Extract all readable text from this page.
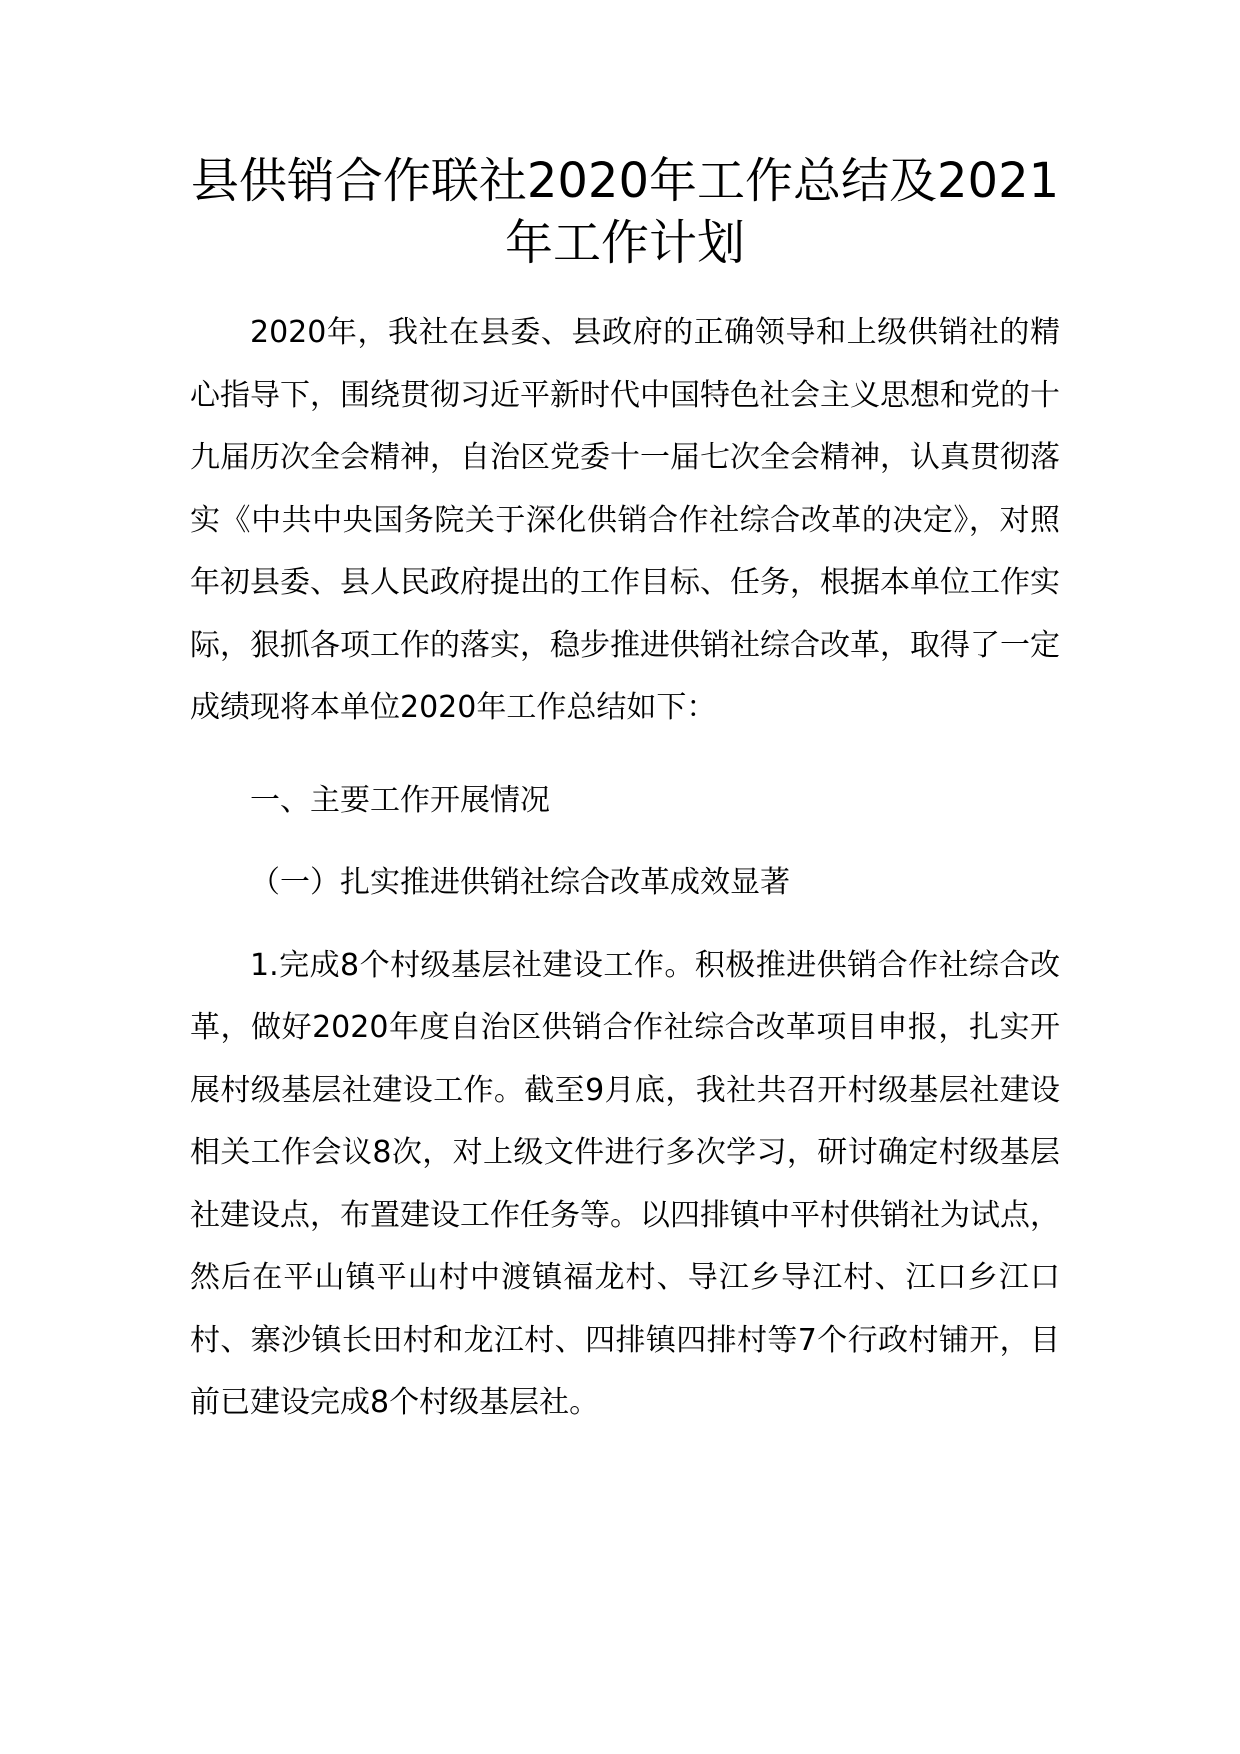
县供销合作联社2020年工作总结及2021年工作计划

2020年，我社在县委、县政府的正确领导和上级供销社的精心指导下，围绕贯彻习近平新时代中国特色社会主义思想和党的十九届历次全会精神，自治区党委十一届七次全会精神，认真贯彻落实《中共中央国务院关于深化供销合作社综合改革的决定》，对照年初县委、县人民政府提出的工作目标、任务，根据本单位工作实际，狠抓各项工作的落实，稳步推进供销社综合改革，取得了一定成绩现将本单位2020年工作总结如下：

一、主要工作开展情况

（一）扎实推进供销社综合改革成效显著

1.完成8个村级基层社建设工作。积极推进供销合作社综合改革，做好2020年度自治区供销合作社综合改革项目申报，扎实开展村级基层社建设工作。截至9月底，我社共召开村级基层社建设相关工作会议8次，对上级文件进行多次学习，研讨确定村级基层社建设点，布置建设工作任务等。以四排镇中平村供销社为试点，然后在平山镇平山村中渡镇福龙村、导江乡导江村、江口乡江口村、寨沙镇长田村和龙江村、四排镇四排村等7个行政村铺开，目前已建设完成8个村级基层社。
